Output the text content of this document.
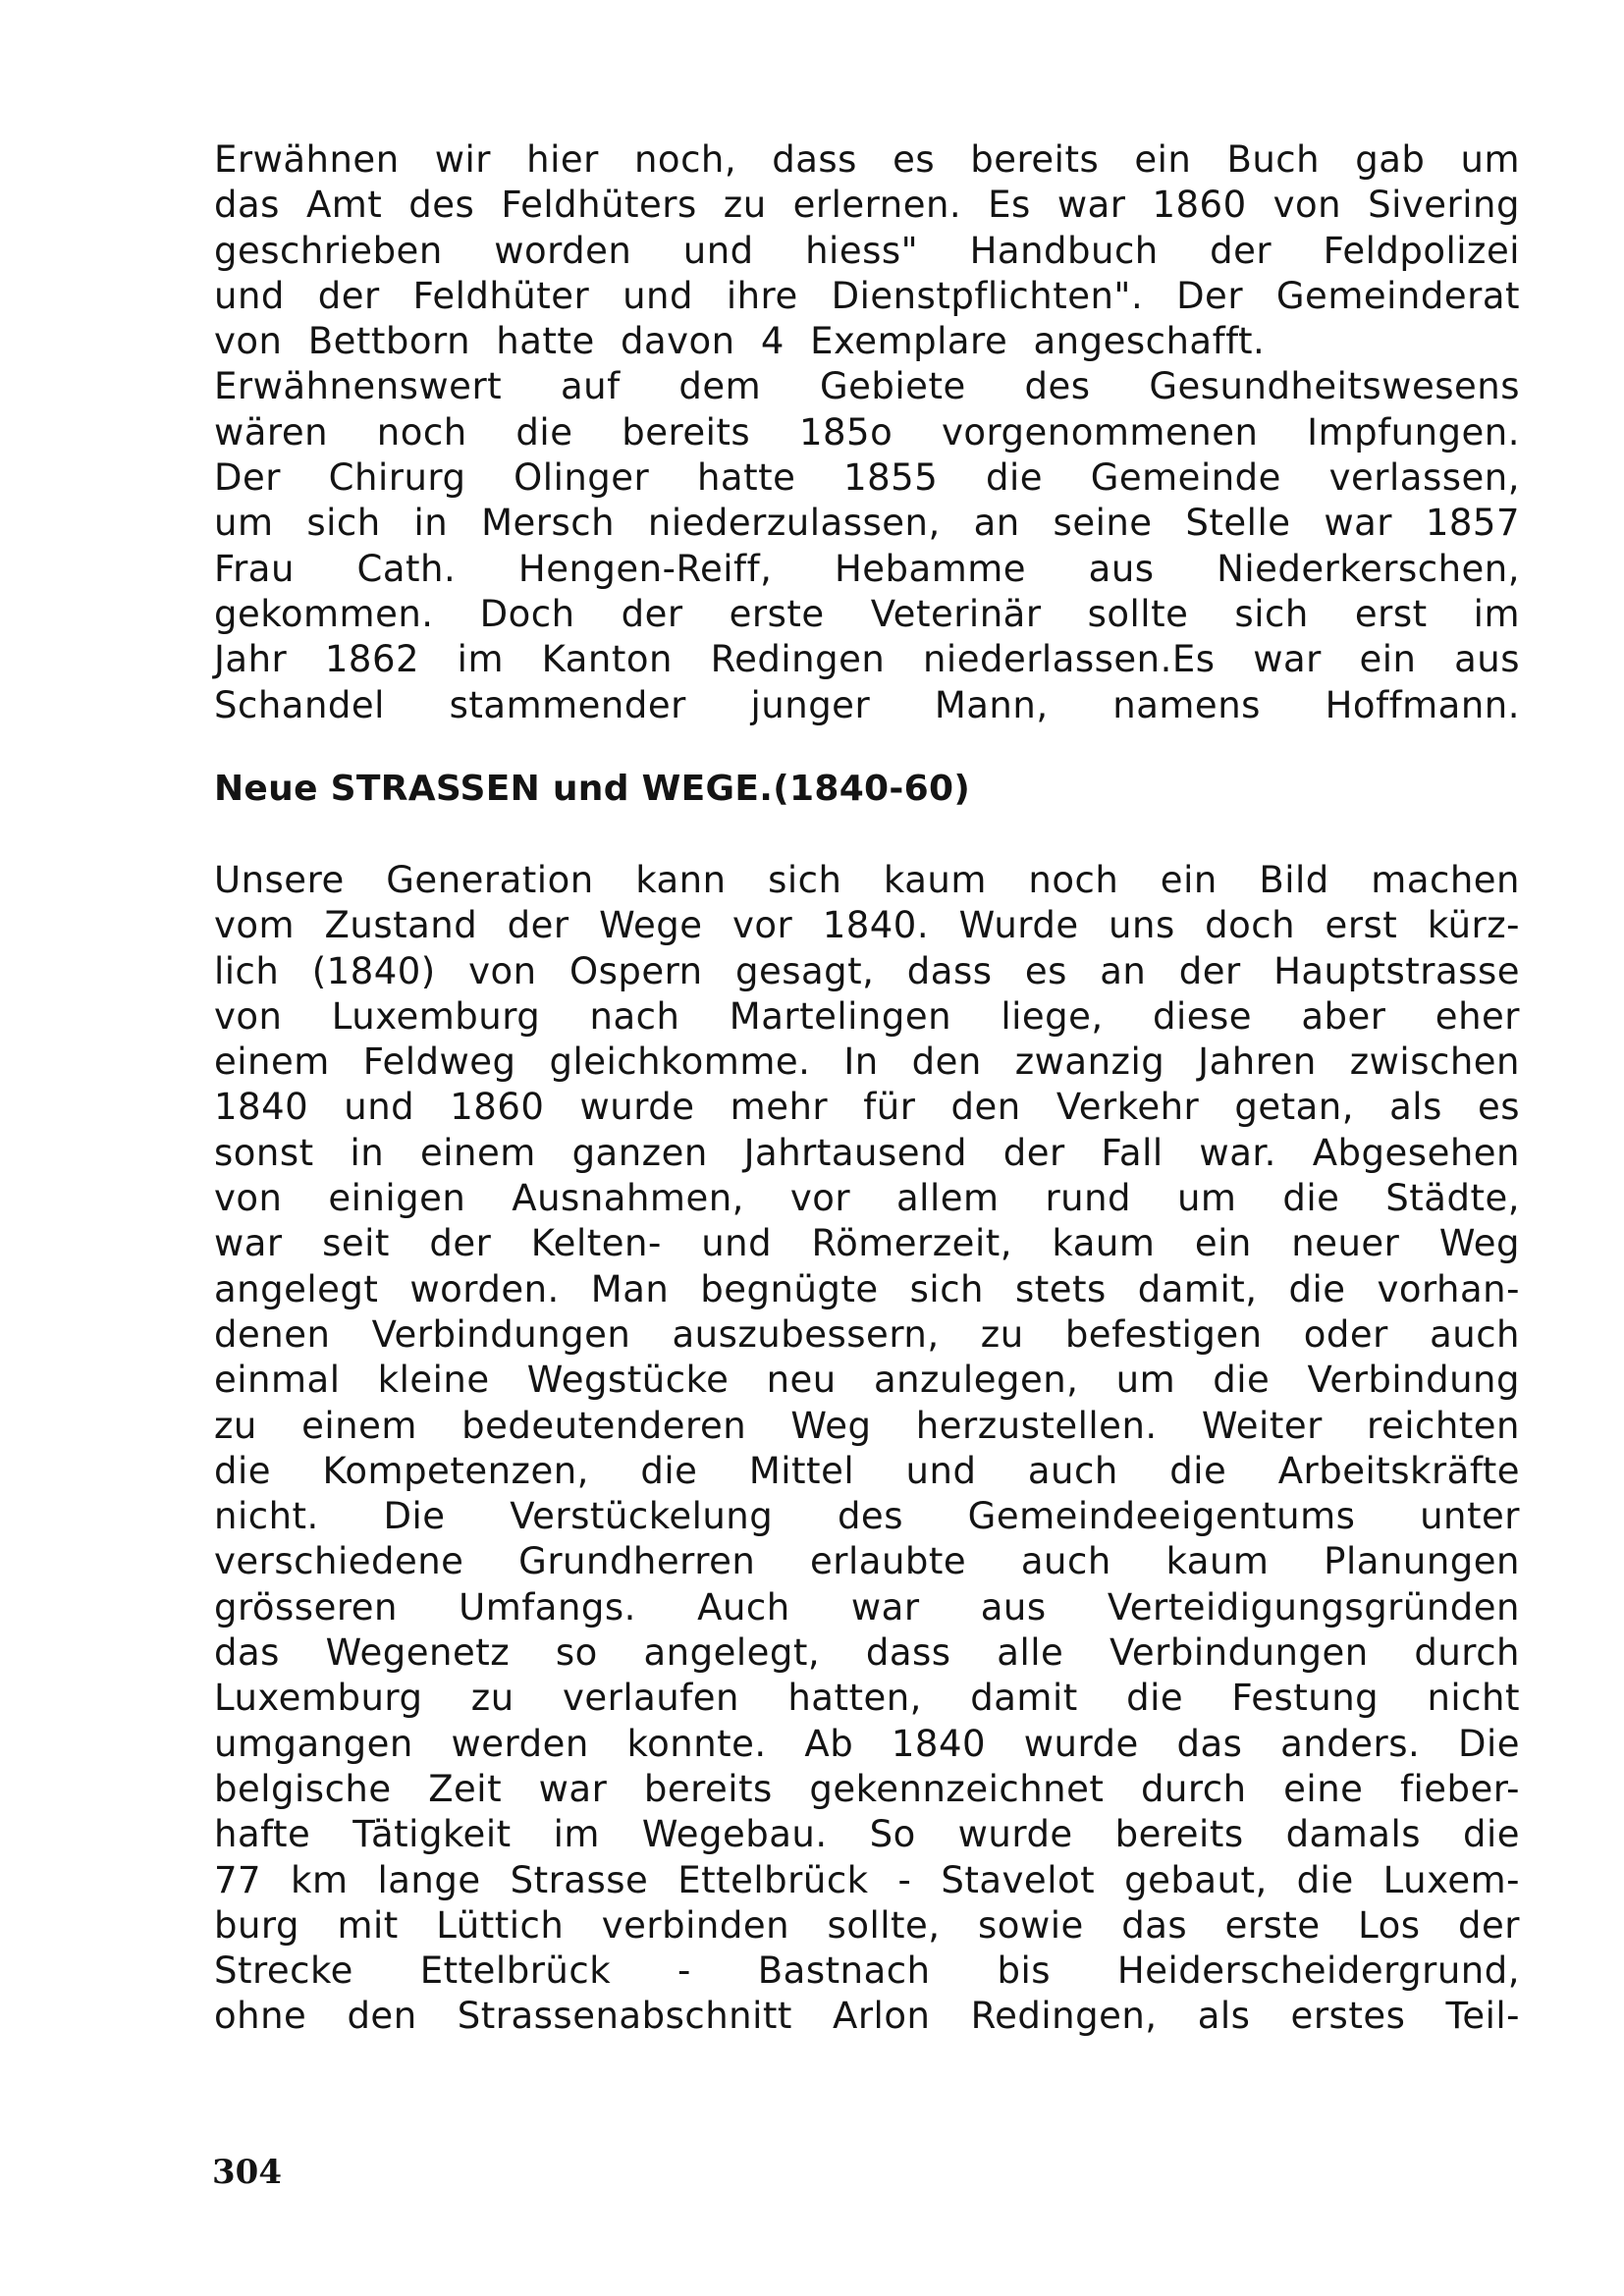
Erwähnen wir hier noch, dass es bereits ein Buch gab um
das Amt des Feldhüters zu erlernen. Es war 1860 von Sivering
geschrieben worden und hiess" Handbuch der Feldpolizei
und der Feldhüter und ihre Dienstpflichten". Der Gemeinderat
von Bettborn hatte davon 4 Exemplare angeschafft.
Erwähnenswert auf dem Gebiete des Gesundheitswesens
wären noch die bereits 185o vorgenommenen Impfungen.
Der Chirurg Olinger hatte 1855 die Gemeinde verlassen,
um sich in Mersch niederzulassen, an seine Stelle war 1857
Frau Cath. Hengen-Reiff, Hebamme aus Niederkerschen,
gekommen. Doch der erste Veterinär sollte sich erst im
Jahr 1862 im Kanton Redingen niederlassen.Es war ein aus
Schandel stammender junger Mann, namens Hoffmann.
Neue STRASSEN und WEGE.(1840-60)
Unsere Generation kann sich kaum noch ein Bild machen
vom Zustand der Wege vor 1840. Wurde uns doch erst kürz-
lich (1840) von Ospern gesagt, dass es an der Hauptstrasse
von Luxemburg nach Martelingen liege, diese aber eher
einem Feldweg gleichkomme. In den zwanzig Jahren zwischen
1840 und 1860 wurde mehr für den Verkehr getan, als es
sonst in einem ganzen Jahrtausend der Fall war. Abgesehen
von einigen Ausnahmen, vor allem rund um die Städte,
war seit der Kelten- und Römerzeit, kaum ein neuer Weg
angelegt worden. Man begnügte sich stets damit, die vorhan-
denen Verbindungen auszubessern, zu befestigen oder auch
einmal kleine Wegstücke neu anzulegen, um die Verbindung
zu einem bedeutenderen Weg herzustellen. Weiter reichten
die Kompetenzen, die Mittel und auch die Arbeitskräfte
nicht. Die Verstückelung des Gemeindeeigentums unter
verschiedene Grundherren erlaubte auch kaum Planungen
grösseren Umfangs. Auch war aus Verteidigungsgründen
das Wegenetz so angelegt, dass alle Verbindungen durch
Luxemburg zu verlaufen hatten, damit die Festung nicht
umgangen werden konnte. Ab 1840 wurde das anders. Die
belgische Zeit war bereits gekennzeichnet durch eine fieber-
hafte Tätigkeit im Wegebau. So wurde bereits damals die
77 km lange Strasse Ettelbrück - Stavelot gebaut, die Luxem-
burg mit Lüttich verbinden sollte, sowie das erste Los der
Strecke Ettelbrück - Bastnach bis Heiderscheidergrund,
ohne den Strassenabschnitt Arlon Redingen, als erstes Teil-
304
